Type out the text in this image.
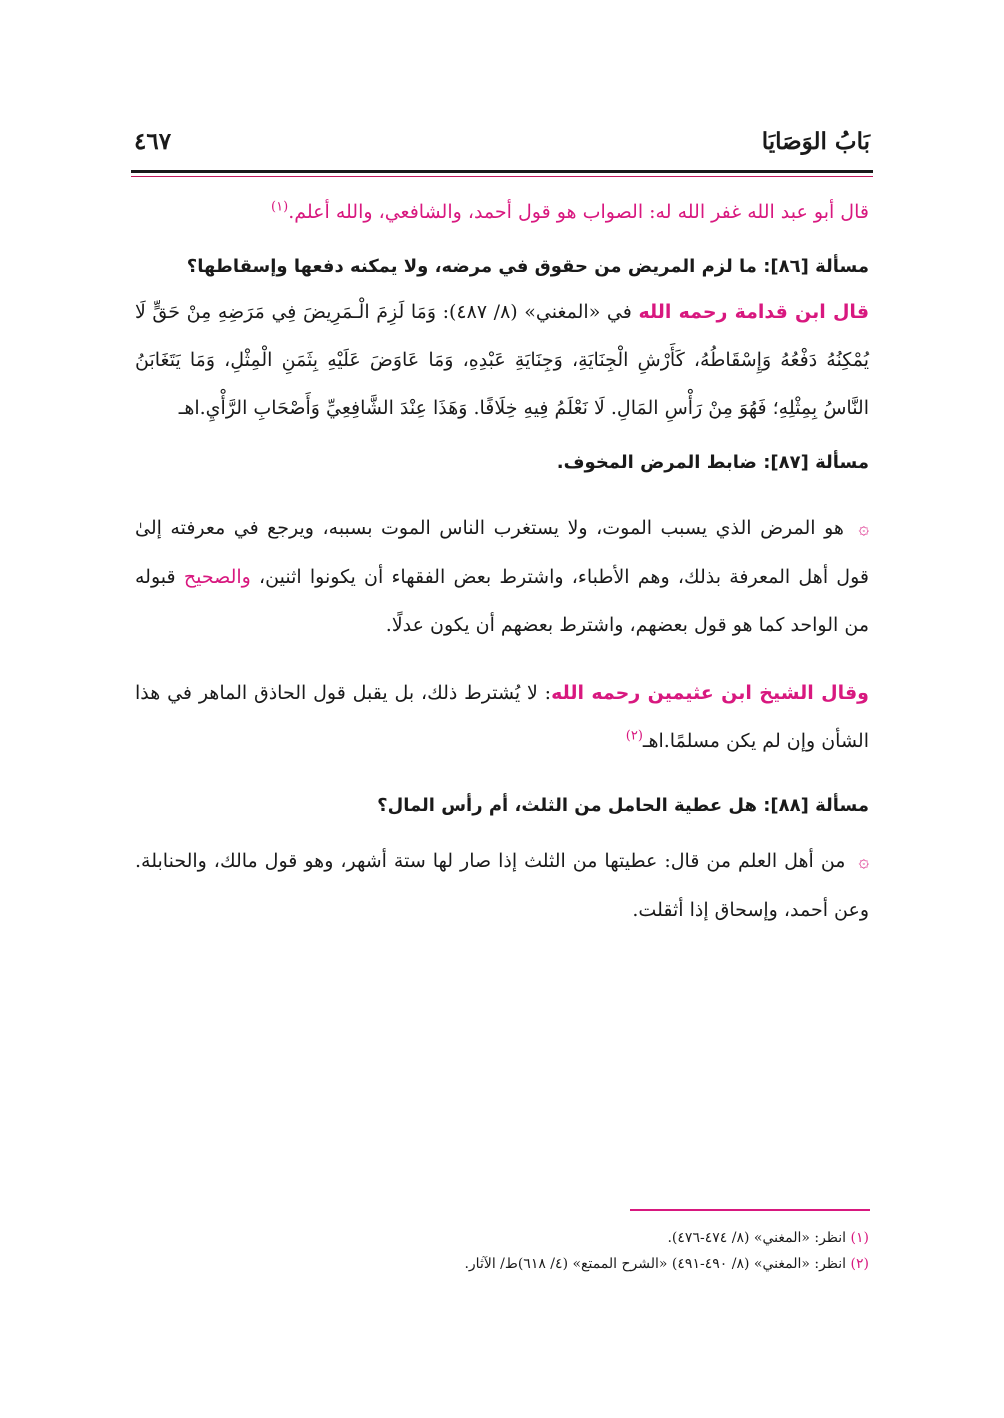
بَابُ الوَصَايَا
٤٦٧

قال أبو عبد الله غفر الله له: الصواب هو قول أحمد، والشافعي، والله أعلم.$^{(١)}$

مسألة [٨٦]: ما لزم المريض من حقوق في مرضه، ولا يمكنه دفعها وإسقاطها؟

قال ابن قدامة رحمه الله في «المغني» (٨/ ٤٨٧): وَمَا لَزِمَ الْـمَرِيضَ فِي مَرَضِهِ مِنْ حَقٍّ لَا يُمْكِنُهُ دَفْعُهُ وَإِسْقَاطُهُ، كَأَرْشِ الْجِنَايَةِ، وَجِنَايَةِ عَبْدِهِ، وَمَا عَاوَضَ عَلَيْهِ بِثَمَنِ الْمِثْلِ، وَمَا يَتَغَابَنُ النَّاسُ بِمِثْلِهِ؛ فَهُوَ مِنْ رَأْسِ المَالِ. لَا نَعْلَمُ فِيهِ خِلَافًا. وَهَذَا عِنْدَ الشَّافِعِيِّ وَأَصْحَابِ الرَّأْيِ.اهـ

مسألة [٨٧]: ضابط المرض المخوف.

۞ هو المرض الذي يسبب الموت، ولا يستغرب الناس الموت بسببه، ويرجع في معرفته إلىٰ قول أهل المعرفة بذلك، وهم الأطباء، واشترط بعض الفقهاء أن يكونوا اثنين، والصحيح قبوله من الواحد كما هو قول بعضهم، واشترط بعضهم أن يكون عدلًا.

وقال الشيخ ابن عثيمين رحمه الله: لا يُشترط ذلك، بل يقبل قول الحاذق الماهر في هذا الشأن وإن لم يكن مسلمًا.اهـ$^{(٢)}$

مسألة [٨٨]: هل عطية الحامل من الثلث، أم رأس المال؟

۞ من أهل العلم من قال: عطيتها من الثلث إذا صار لها ستة أشهر، وهو قول مالك، والحنابلة. وعن أحمد، وإسحاق إذا أثقلت.

(١) انظر: «المغني» (٨/ ٤٧٤-٤٧٦).

(٢) انظر: «المغني» (٨/ ٤٩٠-٤٩١) «الشرح الممتع» (٤/ ٦١٨)ط/ الآثار.
